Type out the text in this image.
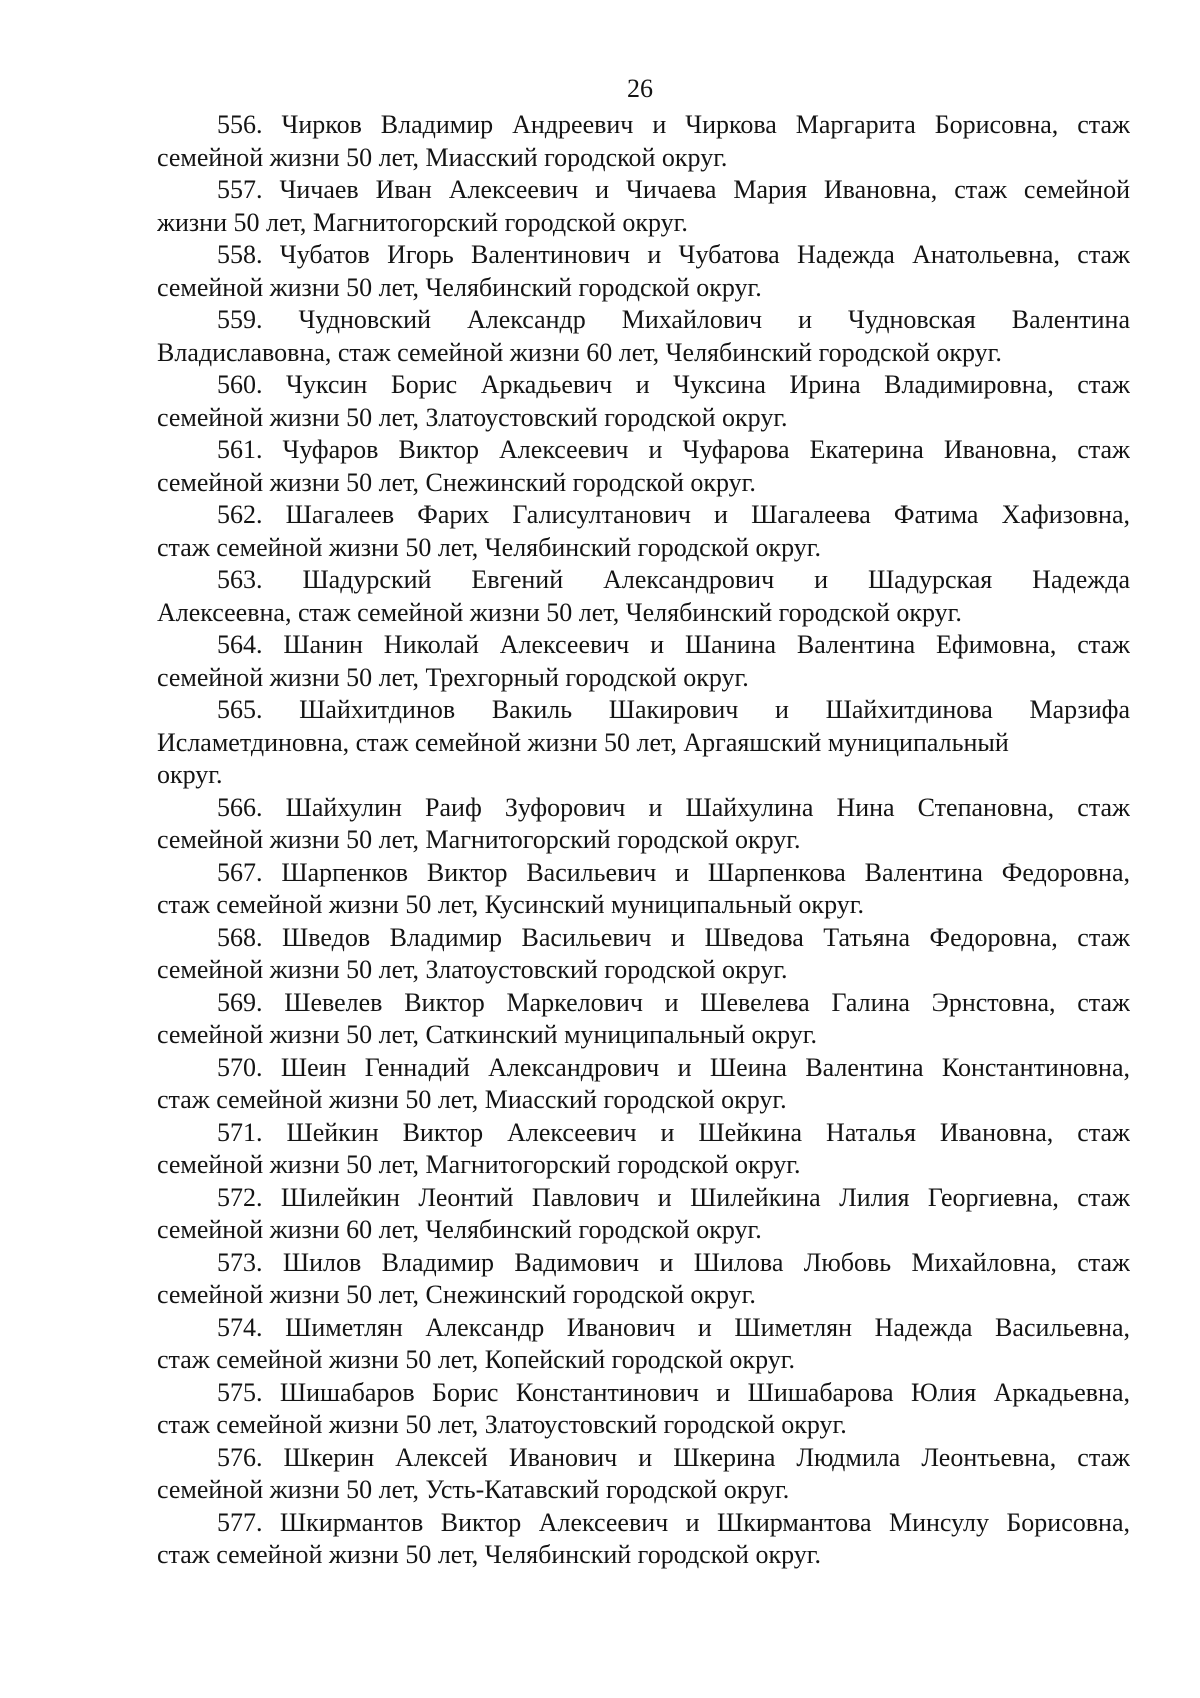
26
556. Чирков Владимир Андреевич и Чиркова Маргарита Борисовна, стаж
семейной жизни 50 лет, Миасский городской округ.
557. Чичаев Иван Алексеевич и Чичаева Мария Ивановна, стаж семейной
жизни 50 лет, Магнитогорский городской округ.
558. Чубатов Игорь Валентинович и Чубатова Надежда Анатольевна, стаж
семейной жизни 50 лет, Челябинский городской округ.
559. Чудновский Александр Михайлович и Чудновская Валентина
Владиславовна, стаж семейной жизни 60 лет, Челябинский городской округ.
560. Чуксин Борис Аркадьевич и Чуксина Ирина Владимировна, стаж
семейной жизни 50 лет, Златоустовский городской округ.
561. Чуфаров Виктор Алексеевич и Чуфарова Екатерина Ивановна, стаж
семейной жизни 50 лет, Снежинский городской округ.
562. Шагалеев Фарих Галисултанович и Шагалеева Фатима Хафизовна,
стаж семейной жизни 50 лет, Челябинский городской округ.
563. Шадурский Евгений Александрович и Шадурская Надежда
Алексеевна, стаж семейной жизни 50 лет, Челябинский городской округ.
564. Шанин Николай Алексеевич и Шанина Валентина Ефимовна, стаж
семейной жизни 50 лет, Трехгорный городской округ.
565. Шайхитдинов Вакиль Шакирович и Шайхитдинова Марзифа
Исламетдиновна, стаж семейной жизни 50 лет, Аргаяшский муниципальный
округ.
566. Шайхулин Раиф Зуфорович и Шайхулина Нина Степановна, стаж
семейной жизни 50 лет, Магнитогорский городской округ.
567. Шарпенков Виктор Васильевич и Шарпенкова Валентина Федоровна,
стаж семейной жизни 50 лет, Кусинский муниципальный округ.
568. Шведов Владимир Васильевич и Шведова Татьяна Федоровна, стаж
семейной жизни 50 лет, Златоустовский городской округ.
569. Шевелев Виктор Маркелович и Шевелева Галина Эрнстовна, стаж
семейной жизни 50 лет, Саткинский муниципальный округ.
570. Шеин Геннадий Александрович и Шеина Валентина Константиновна,
стаж семейной жизни 50 лет, Миасский городской округ.
571. Шейкин Виктор Алексеевич и Шейкина Наталья Ивановна, стаж
семейной жизни 50 лет, Магнитогорский городской округ.
572. Шилейкин Леонтий Павлович и Шилейкина Лилия Георгиевна, стаж
семейной жизни 60 лет, Челябинский городской округ.
573. Шилов Владимир Вадимович и Шилова Любовь Михайловна, стаж
семейной жизни 50 лет, Снежинский городской округ.
574. Шиметлян Александр Иванович и Шиметлян Надежда Васильевна,
стаж семейной жизни 50 лет, Копейский городской округ.
575. Шишабаров Борис Константинович и Шишабарова Юлия Аркадьевна,
стаж семейной жизни 50 лет, Златоустовский городской округ.
576. Шкерин Алексей Иванович и Шкерина Людмила Леонтьевна, стаж
семейной жизни 50 лет, Усть-Катавский городской округ.
577. Шкирмантов Виктор Алексеевич и Шкирмантова Минсулу Борисовна,
стаж семейной жизни 50 лет, Челябинский городской округ.
